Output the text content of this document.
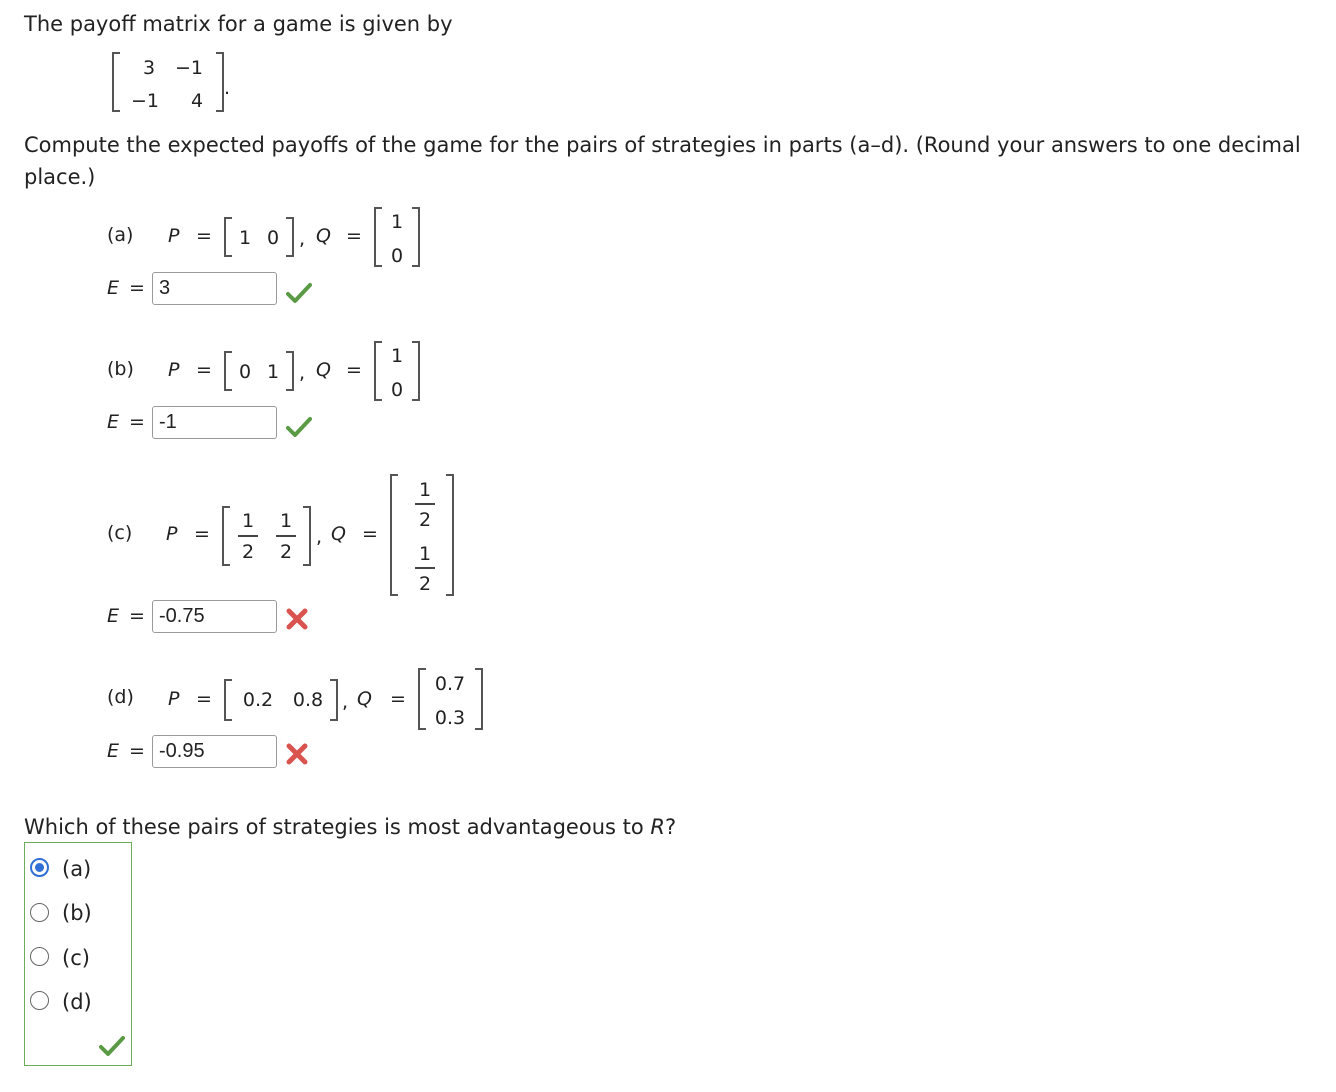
The payoff matrix for a game is given by
3	−1
−1	4
.
Compute the expected payoffs of the game for the pairs of strategies in parts (a–d). (Round your answers to one decimal
place.)
(a) P = 1 0 , Q =
1
0
E = 3
(b) P = 0 1 , Q =
1
0
E = -1
(c) P =
1
2
1
2
, Q =
1
2
1
2
E = -0.75
(d) P = 0.2 0.8 , Q =
0.7
0.3
E = -0.95
Which of these pairs of strategies is most advantageous to R?
(a)
(b)
(c)
(d)
